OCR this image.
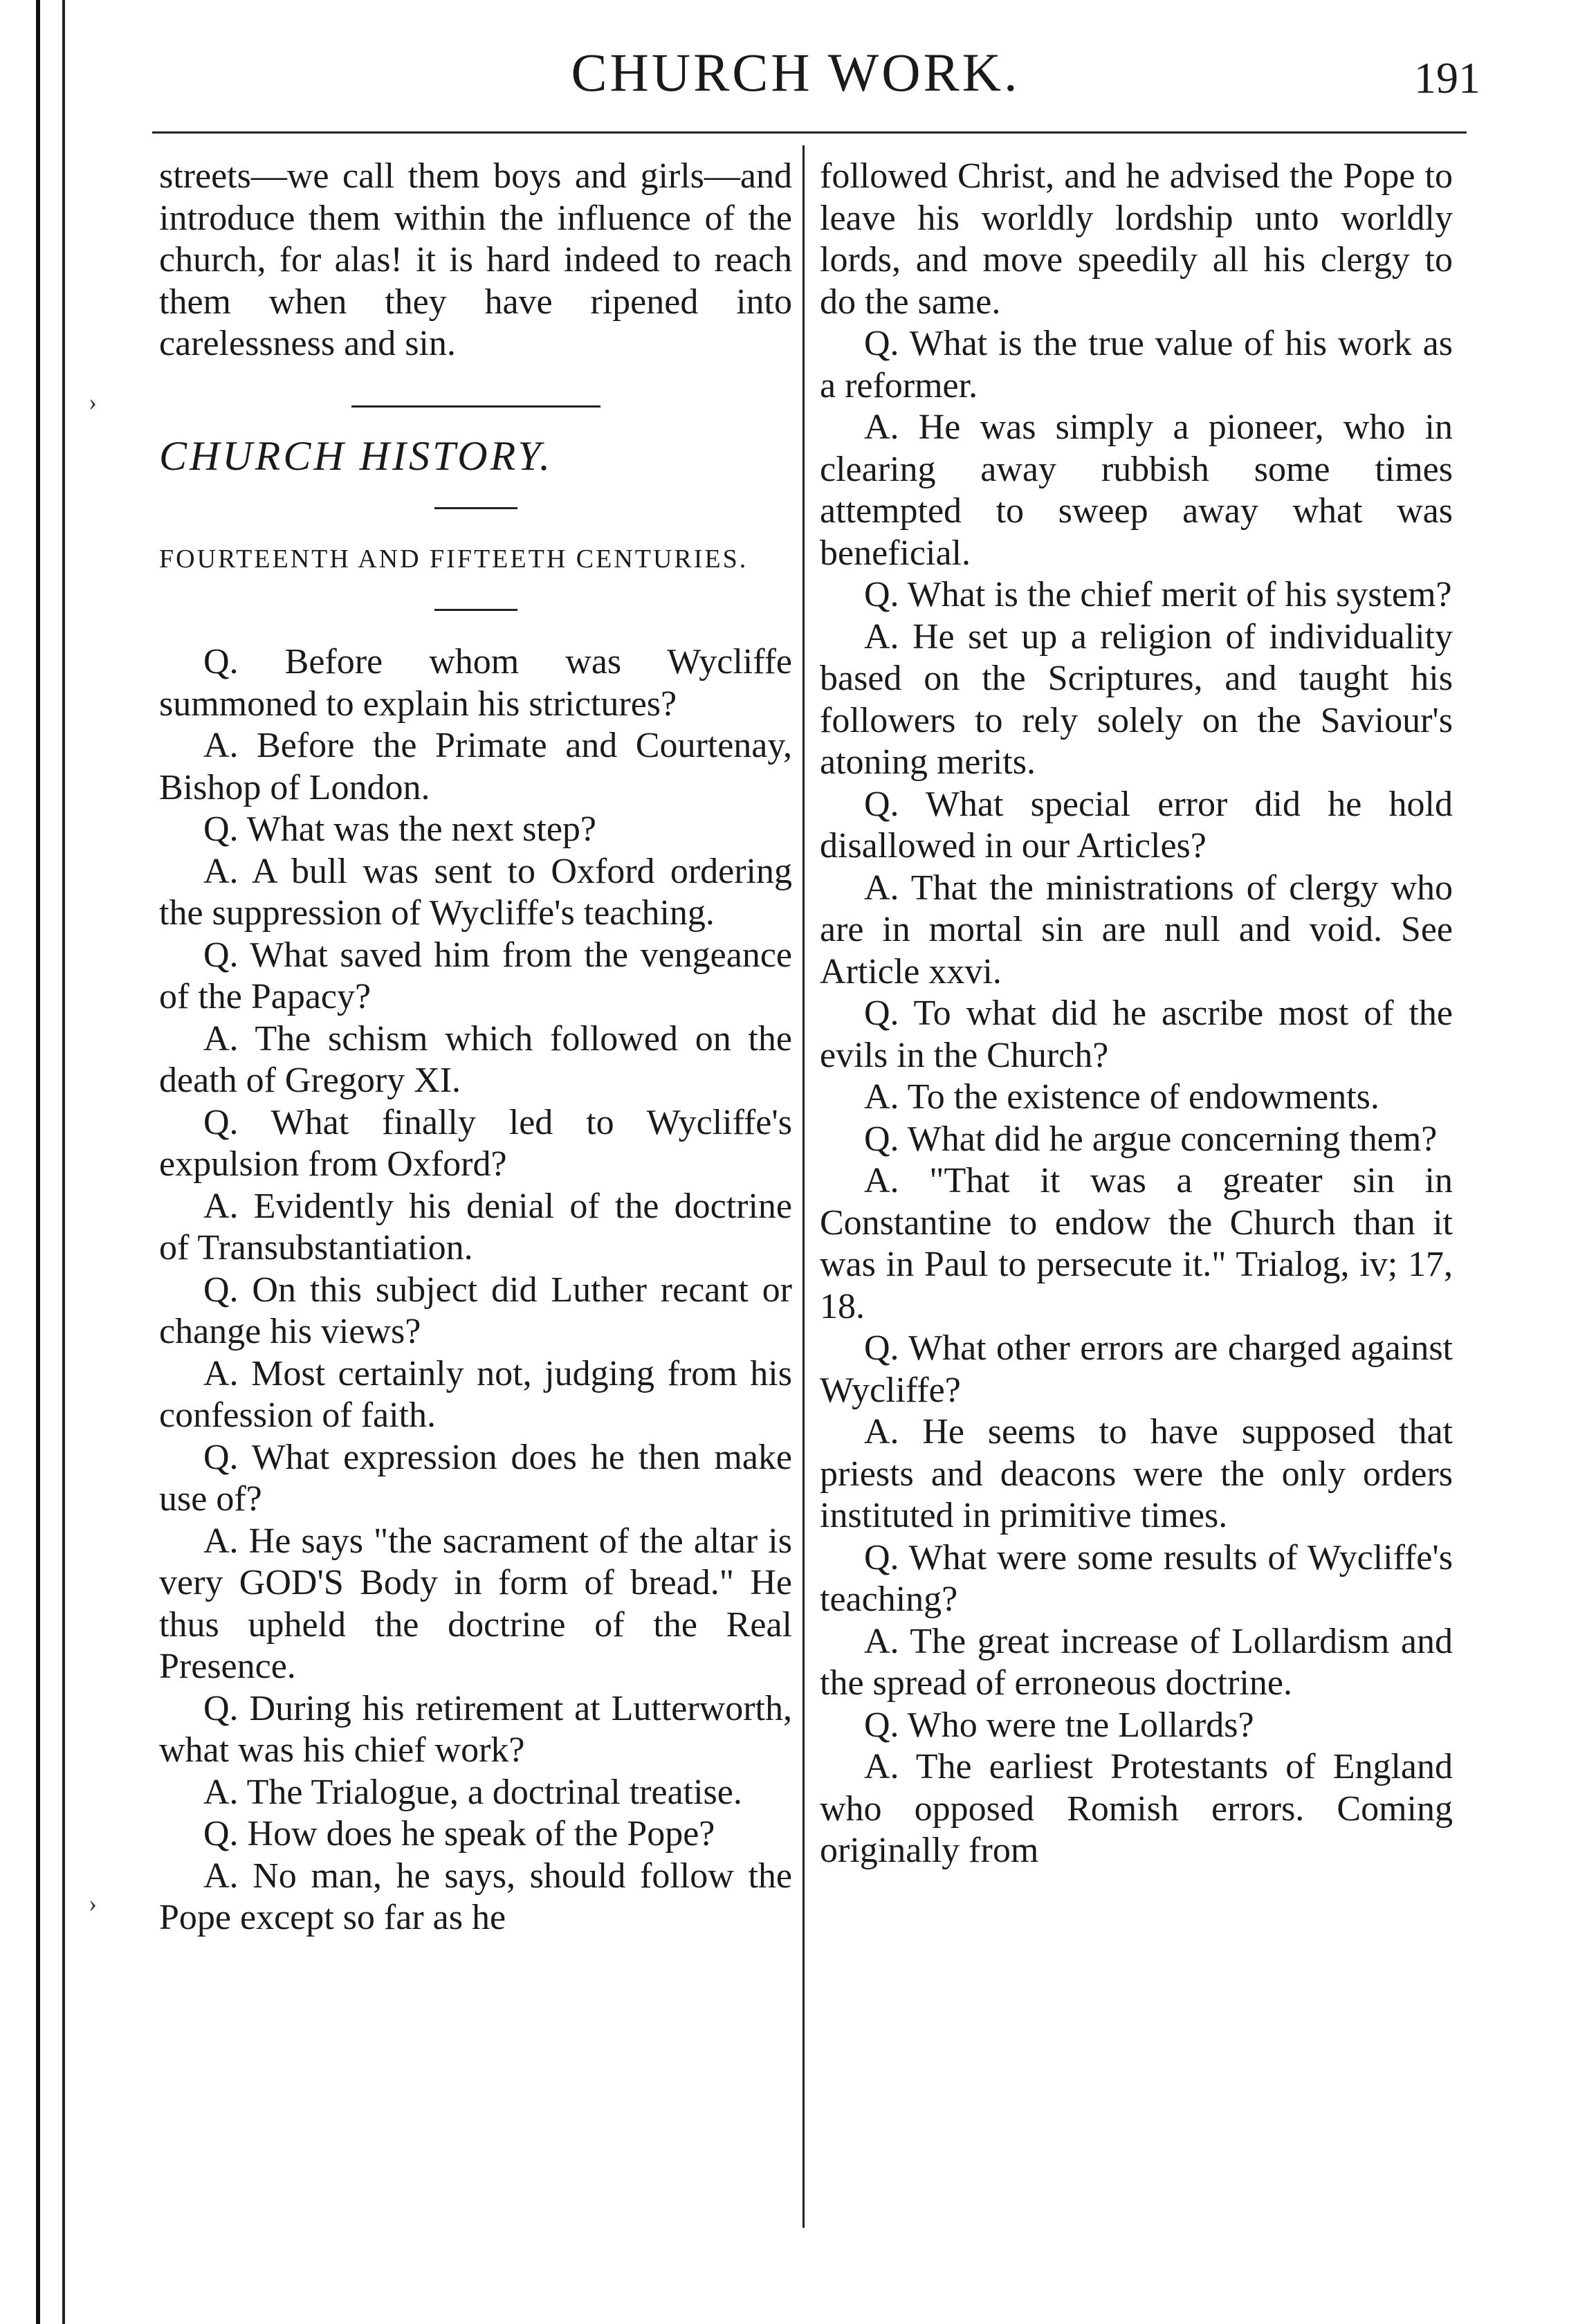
›
›
CHURCH WORK.	191

streets—we call them boys and girls—and introduce them within the influence of the church, for alas! it is hard indeed to reach them when they have ripened into carelessness and sin.

CHURCH HISTORY.

FOURTEENTH AND FIFTEETH CENTURIES.

Q. Before whom was Wycliffe summoned to explain his strictures?

A. Before the Primate and Courtenay, Bishop of London.

Q. What was the next step?

A. A bull was sent to Oxford ordering the suppression of Wycliffe's teaching.

Q. What saved him from the vengeance of the Papacy?

A. The schism which followed on the death of Gregory XI.

Q. What finally led to Wycliffe's expulsion from Oxford?

A. Evidently his denial of the doctrine of Transubstantiation.

Q. On this subject did Luther recant or change his views?

A. Most certainly not, judging from his confession of faith.

Q. What expression does he then make use of?

A. He says "the sacrament of the altar is very GOD'S Body in form of bread." He thus upheld the doctrine of the Real Presence.

Q. During his retirement at Lutterworth, what was his chief work?

A. The Trialogue, a doctrinal treatise.

Q. How does he speak of the Pope?

A. No man, he says, should follow the Pope except so far as he

followed Christ, and he advised the Pope to leave his worldly lordship unto worldly lords, and move speedily all his clergy to do the same.

Q. What is the true value of his work as a reformer.

A. He was simply a pioneer, who in clearing away rubbish some times attempted to sweep away what was beneficial.

Q. What is the chief merit of his system?

A. He set up a religion of individuality based on the Scriptures, and taught his followers to rely solely on the Saviour's atoning merits.

Q. What special error did he hold disallowed in our Articles?

A. That the ministrations of clergy who are in mortal sin are null and void. See Article xxvi.

Q. To what did he ascribe most of the evils in the Church?

A. To the existence of endowments.

Q. What did he argue concerning them?

A. "That it was a greater sin in Constantine to endow the Church than it was in Paul to persecute it." Trialog, iv; 17, 18.

Q. What other errors are charged against Wycliffe?

A. He seems to have supposed that priests and deacons were the only orders instituted in primitive times.

Q. What were some results of Wycliffe's teaching?

A. The great increase of Lollardism and the spread of erroneous doctrine.

Q. Who were tne Lollards?

A. The earliest Protestants of England who opposed Romish errors. Coming originally from
